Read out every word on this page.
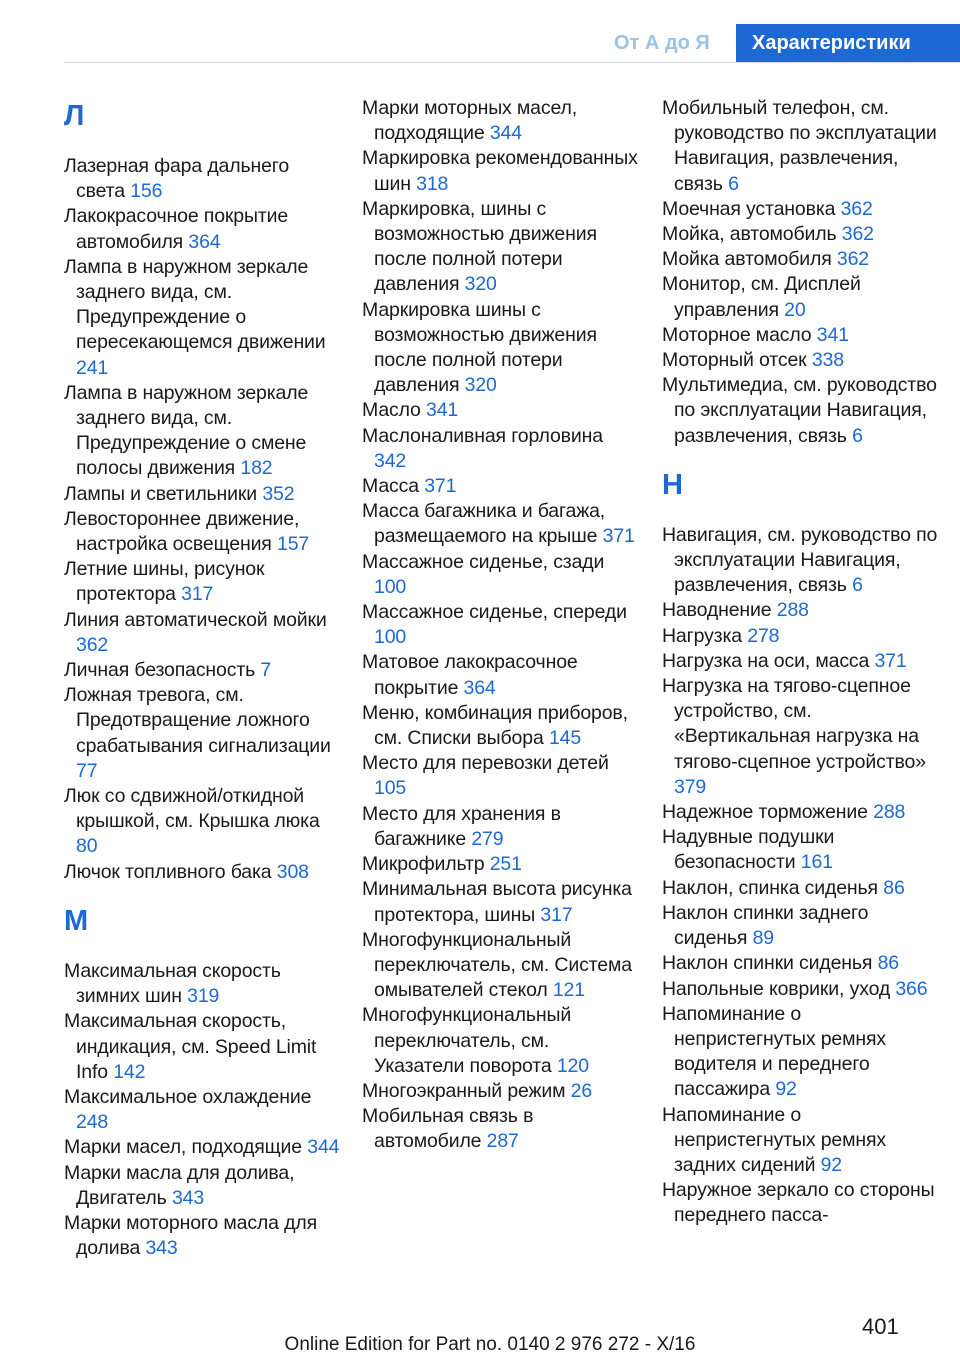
От А до Я	Характеристики
Л
Лазерная фара дальнего света 156
Лакокрасочное покрытие автомобиля 364
Лампа в наружном зеркале заднего вида, см. Предупреждение о пересекающемся движении 241
Лампа в наружном зеркале заднего вида, см. Предупреждение о смене полосы движения 182
Лампы и светильники 352
Левостороннее движение, настройка освещения 157
Летние шины, рисунок протектора 317
Линия автоматической мойки 362
Личная безопасность 7
Ложная тревога, см. Предотвращение ложного срабатывания сигнализации 77
Люк со сдвижной/откидной крышкой, см. Крышка люка 80
Лючок топливного бака 308
М
Максимальная скорость зимних шин 319
Максимальная скорость, индикация, см. Speed Limit Info 142
Максимальное охлаждение 248
Марки масел, подходящие 344
Марки масла для долива, Двигатель 343
Марки моторного масла для долива 343
Марки моторных масел, подходящие 344
Маркировка рекомендованных шин 318
Маркировка, шины с возможностью движения после полной потери давления 320
Маркировка шины с возможностью движения после полной потери давления 320
Масло 341
Маслоналивная горловина 342
Масса 371
Масса багажника и багажа, размещаемого на крыше 371
Массажное сиденье, сзади 100
Массажное сиденье, спереди 100
Матовое лакокрасочное покрытие 364
Меню, комбинация приборов, см. Списки выбора 145
Место для перевозки детей 105
Место для хранения в багажнике 279
Микрофильтр 251
Минимальная высота рисунка протектора, шины 317
Многофункциональный переключатель, см. Система омывателей стекол 121
Многофункциональный переключатель, см. Указатели поворота 120
Многоэкранный режим 26
Мобильная связь в автомобиле 287
Мобильный телефон, см. руководство по эксплуатации Навигация, развлечения, связь 6
Моечная установка 362
Мойка, автомобиль 362
Мойка автомобиля 362
Монитор, см. Дисплей управления 20
Моторное масло 341
Моторный отсек 338
Мультимедиа, см. руководство по эксплуатации Навигация, развлечения, связь 6
Н
Навигация, см. руководство по эксплуатации Навигация, развлечения, связь 6
Наводнение 288
Нагрузка 278
Нагрузка на оси, масса 371
Нагрузка на тягово-сцепное устройство, см. «Вертикальная нагрузка на тягово-сцепное устройство» 379
Надежное торможение 288
Надувные подушки безопасности 161
Наклон, спинка сиденья 86
Наклон спинки заднего сиденья 89
Наклон спинки сиденья 86
Напольные коврики, уход 366
Напоминание о непристегнутых ремнях водителя и переднего пассажира 92
Напоминание о непристегнутых ремнях задних сидений 92
Наружное зеркало со стороны переднего пасса-
401
Online Edition for Part no. 0140 2 976 272 - X/16
